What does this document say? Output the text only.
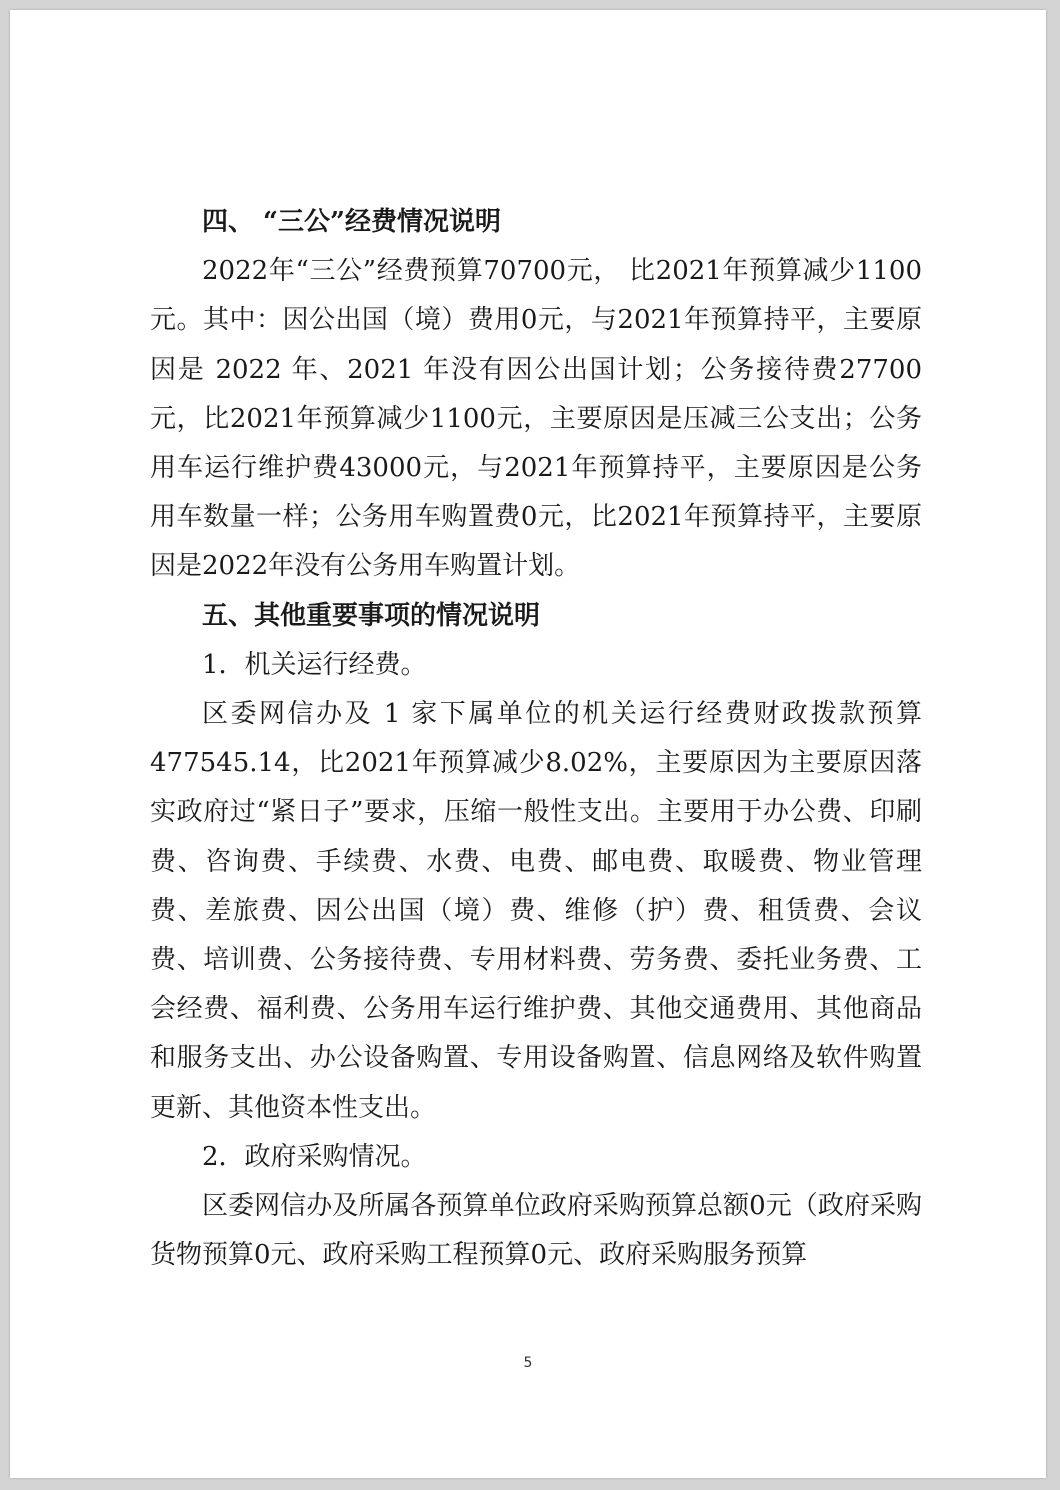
四、 “三公”经费情况说明

2022年“三公”经费预算70700元， 比2021年预算减少1100元。其中：因公出国（境）费用0元，与2021年预算持平，主要原因是 2022 年、2021 年没有因公出国计划；公务接待费27700元，比2021年预算减少1100元，主要原因是压减三公支出；公务用车运行维护费43000元，与2021年预算持平，主要原因是公务用车数量一样；公务用车购置费0元，比2021年预算持平，主要原因是2022年没有公务用车购置计划。

五、其他重要事项的情况说明

1．机关运行经费。

区委网信办及 1 家下属单位的机关运行经费财政拨款预算477545.14，比2021年预算减少8.02%，主要原因为主要原因落实政府过“紧日子”要求，压缩一般性支出。主要用于办公费、印刷费、咨询费、手续费、水费、电费、邮电费、取暖费、物业管理费、差旅费、因公出国（境）费、维修（护）费、租赁费、会议费、培训费、公务接待费、专用材料费、劳务费、委托业务费、工会经费、福利费、公务用车运行维护费、其他交通费用、其他商品和服务支出、办公设备购置、专用设备购置、信息网络及软件购置更新、其他资本性支出。

2．政府采购情况。

区委网信办及所属各预算单位政府采购预算总额0元（政府采购货物预算0元、政府采购工程预算0元、政府采购服务预算

5
